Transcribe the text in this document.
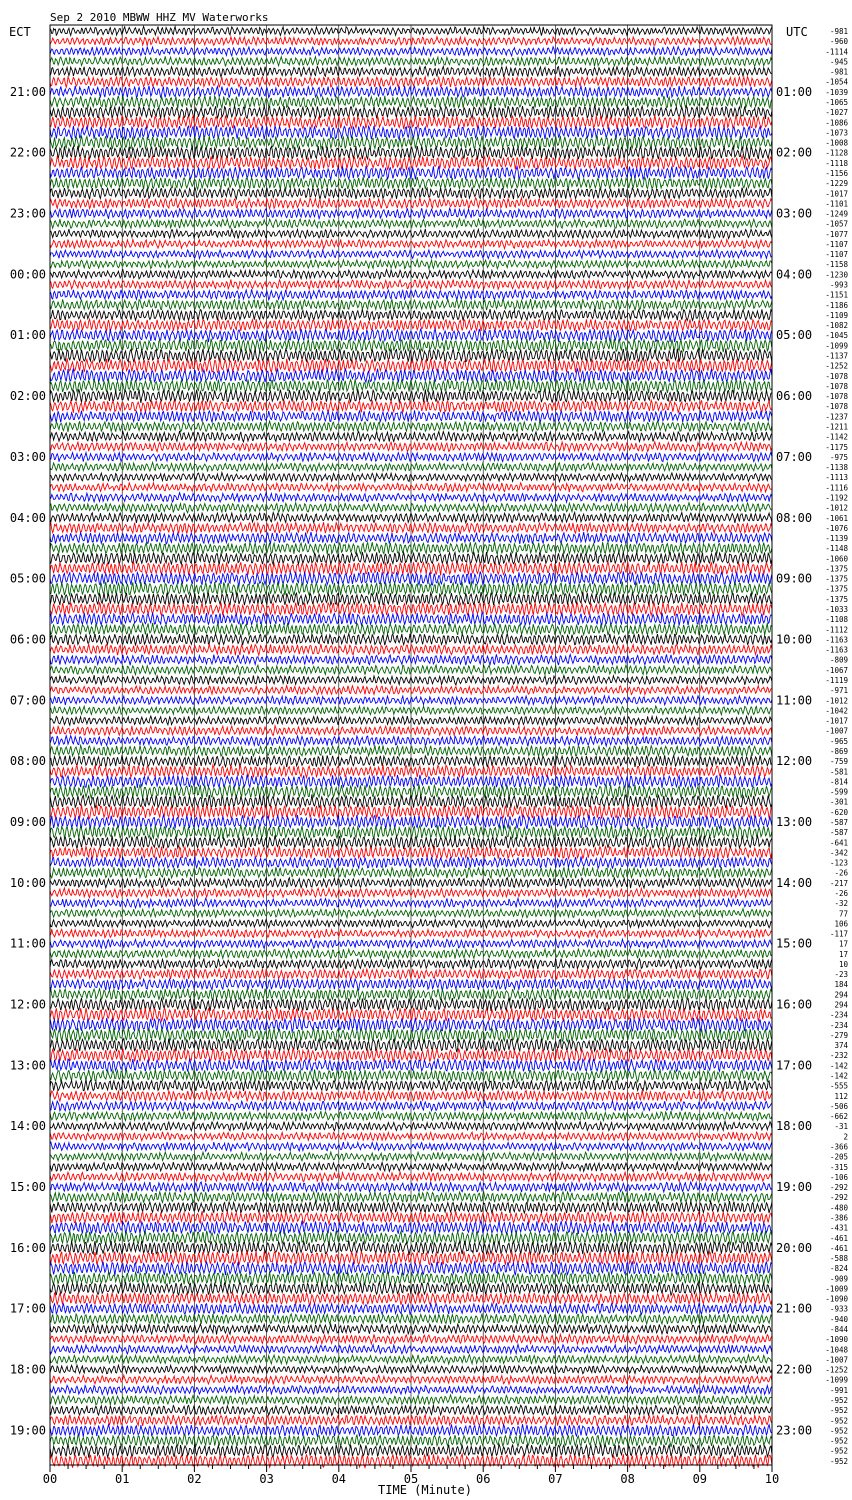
Sep 2 2010 MBWW HHZ MV Waterworks
ECT	UTC
TIME (Minute)
00	01	02	03	04	05	06	07	08	09	10
21:00
22:00
23:00
00:00
01:00
02:00
03:00
04:00
05:00
06:00
07:00
08:00
09:00
10:00
11:00
12:00
13:00
14:00
15:00
16:00
17:00
18:00
19:00
01:00
02:00
03:00
04:00
05:00
06:00
07:00
08:00
09:00
10:00
11:00
12:00
13:00
14:00
15:00
16:00
17:00
18:00
19:00
20:00
21:00
22:00
23:00
-981
-960
-1114
-945
-981
-1054
-1039
-1065
-1027
-1086
-1073
-1008
-1128
-1118
-1156
-1229
-1017
-1101
-1249
-1057
-1077
-1107
-1107
-1158
-1230
-993
-1151
-1186
-1109
-1082
-1045
-1099
-1137
-1252
-1078
-1078
-1078
-1078
-1237
-1211
-1142
-1175
-975
-1138
-1113
-1116
-1192
-1012
-1061
-1076
-1139
-1148
-1060
-1375
-1375
-1375
-1375
-1033
-1108
-1112
-1163
-1163
-809
-1067
-1119
-971
-1012
-1042
-1017
-1007
-965
-869
-759
-581
-814
-599
-301
-620
-587
-587
-641
-342
-123
-26
-217
-26
-32
77
106
-117
17
17
10
-23
184
294
294
-234
-234
-279
374
-232
-142
-142
-555
112
-506
-662
-31
2
-366
-205
-315
-106
-292
-292
-480
-386
-431
-461
-461
-588
-824
-909
-1009
-1090
-933
-940
-844
-1090
-1048
-1007
-1252
-1099
-991
-952
-952
-952
-952
-952
-952
-952
